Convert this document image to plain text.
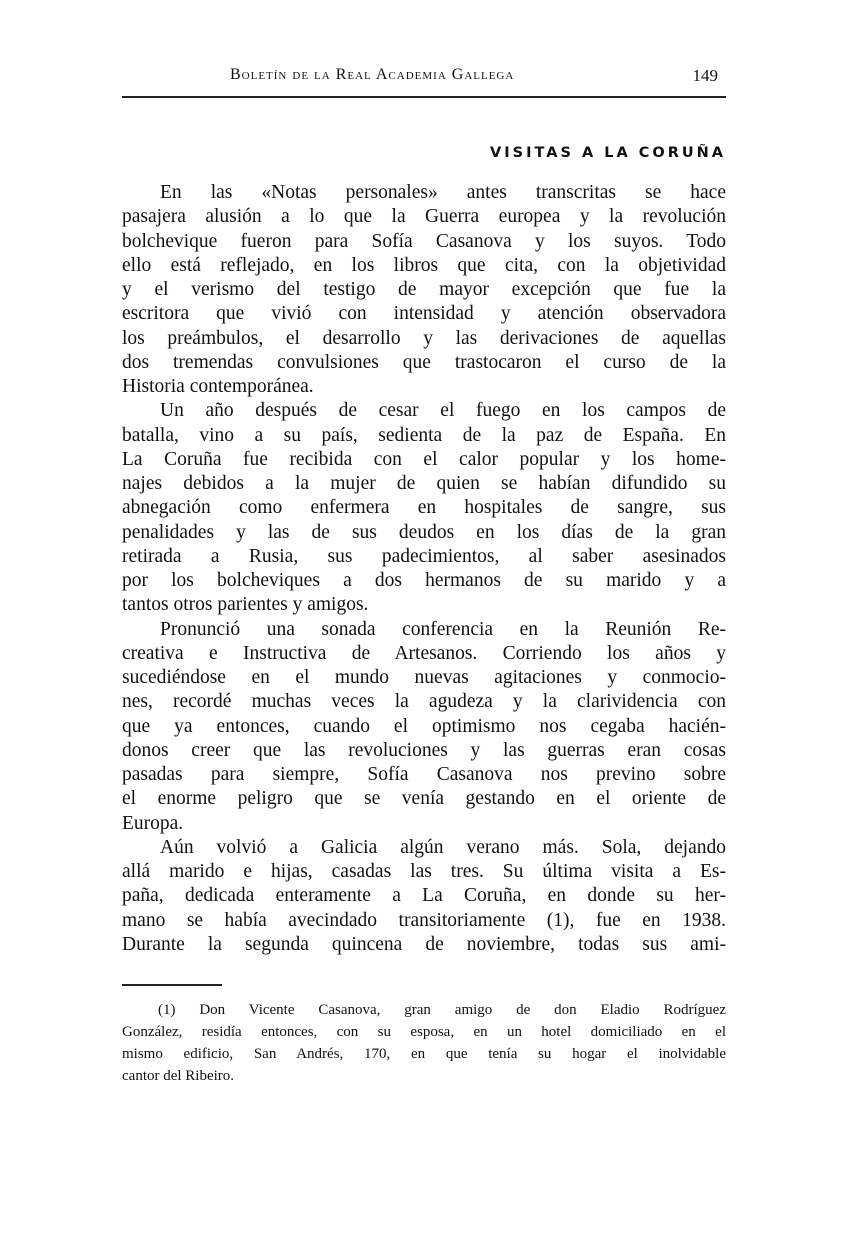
Boletín de la Real Academia Gallega	149
VISITAS A LA CORUÑA
En las «Notas personales» antes transcritas se hace
pasajera alusión a lo que la Guerra europea y la revolución
bolchevique fueron para Sofía Casanova y los suyos. Todo
ello está reflejado, en los libros que cita, con la objetividad
y el verismo del testigo de mayor excepción que fue la
escritora que vivió con intensidad y atención observadora
los preámbulos, el desarrollo y las derivaciones de aquellas
dos tremendas convulsiones que trastocaron el curso de la
Historia contemporánea.
Un año después de cesar el fuego en los campos de
batalla, vino a su país, sedienta de la paz de España. En
La Coruña fue recibida con el calor popular y los home-
najes debidos a la mujer de quien se habían difundido su
abnegación como enfermera en hospitales de sangre, sus
penalidades y las de sus deudos en los días de la gran
retirada a Rusia, sus padecimientos, al saber asesinados
por los bolcheviques a dos hermanos de su marido y a
tantos otros parientes y amigos.
Pronunció una sonada conferencia en la Reunión Re-
creativa e Instructiva de Artesanos. Corriendo los años y
sucediéndose en el mundo nuevas agitaciones y conmocio-
nes, recordé muchas veces la agudeza y la clarividencia con
que ya entonces, cuando el optimismo nos cegaba hacién-
donos creer que las revoluciones y las guerras eran cosas
pasadas para siempre, Sofía Casanova nos previno sobre
el enorme peligro que se venía gestando en el oriente de
Europa.
Aún volvió a Galicia algún verano más. Sola, dejando
allá marido e hijas, casadas las tres. Su última visita a Es-
paña, dedicada enteramente a La Coruña, en donde su her-
mano se había avecindado transitoriamente (1), fue en 1938.
Durante la segunda quincena de noviembre, todas sus ami-
(1) Don Vicente Casanova, gran amigo de don Eladio Rodríguez
González, residía entonces, con su esposa, en un hotel domiciliado en el
mismo edificio, San Andrés, 170, en que tenía su hogar el inolvidable
cantor del Ribeiro.
